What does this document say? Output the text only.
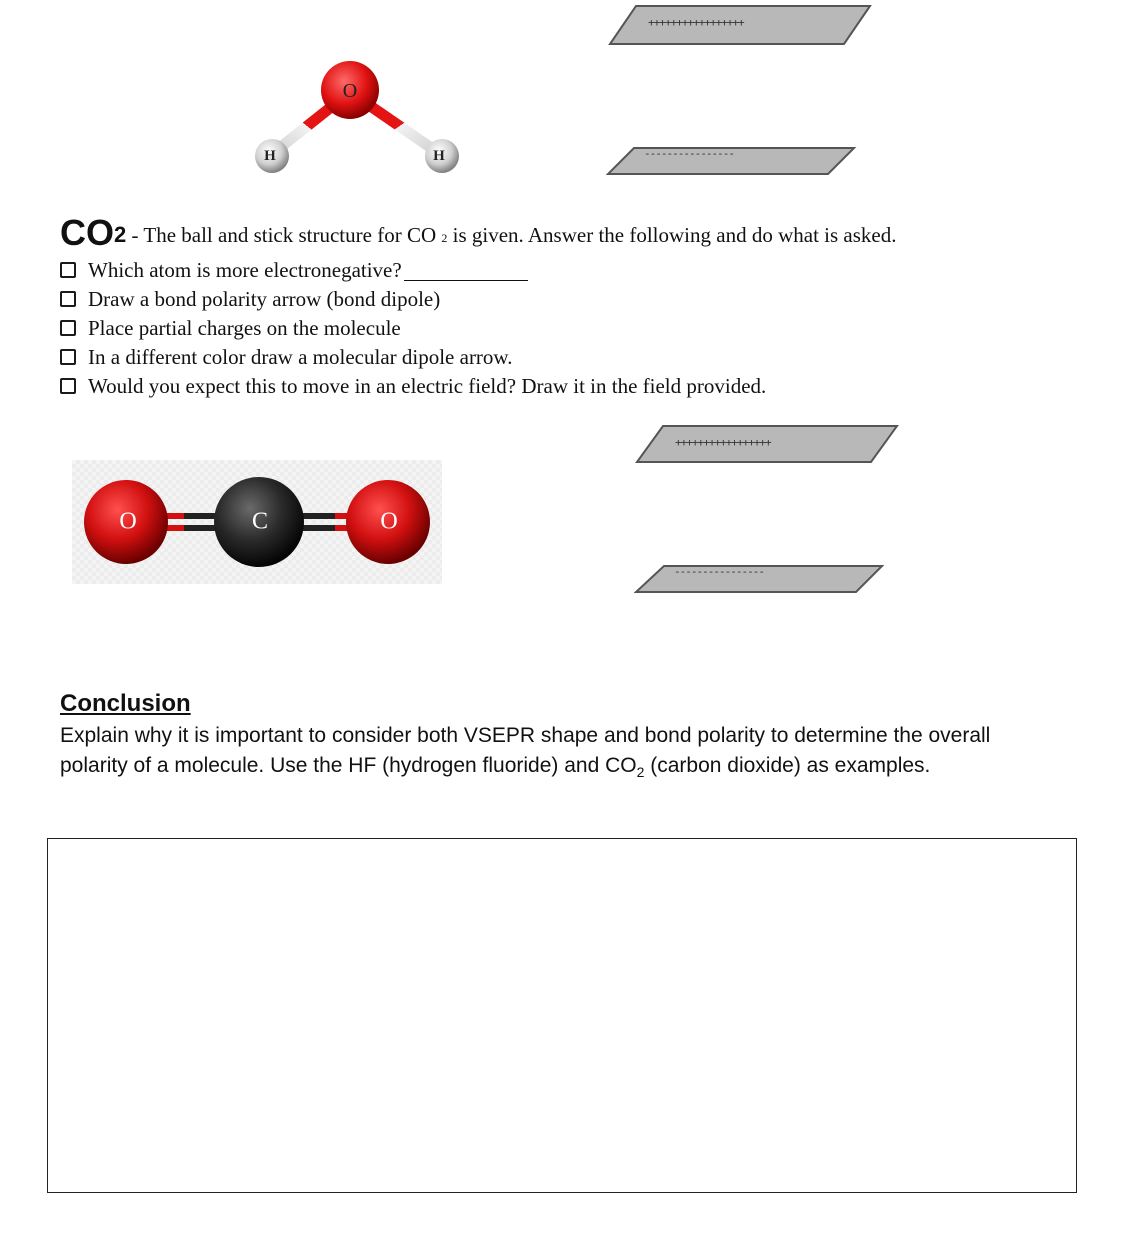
O
H	H
+++++++++++++++++
----------------
CO2 - The ball and stick structure for CO 2 is given. Answer the following and do what is asked.
Which atom is more electronegative?
Draw a bond polarity arrow (bond dipole)
Place partial charges on the molecule
In a different color draw a molecular dipole arrow.
Would you expect this to move in an electric field? Draw it in the field provided.
+++++++++++++++++
----------------
O	C	O
Conclusion
Explain why it is important to consider both VSEPR shape and bond polarity to determine the overall
polarity of a molecule. Use the HF (hydrogen fluoride) and $CO_2$ (carbon dioxide) as examples.
